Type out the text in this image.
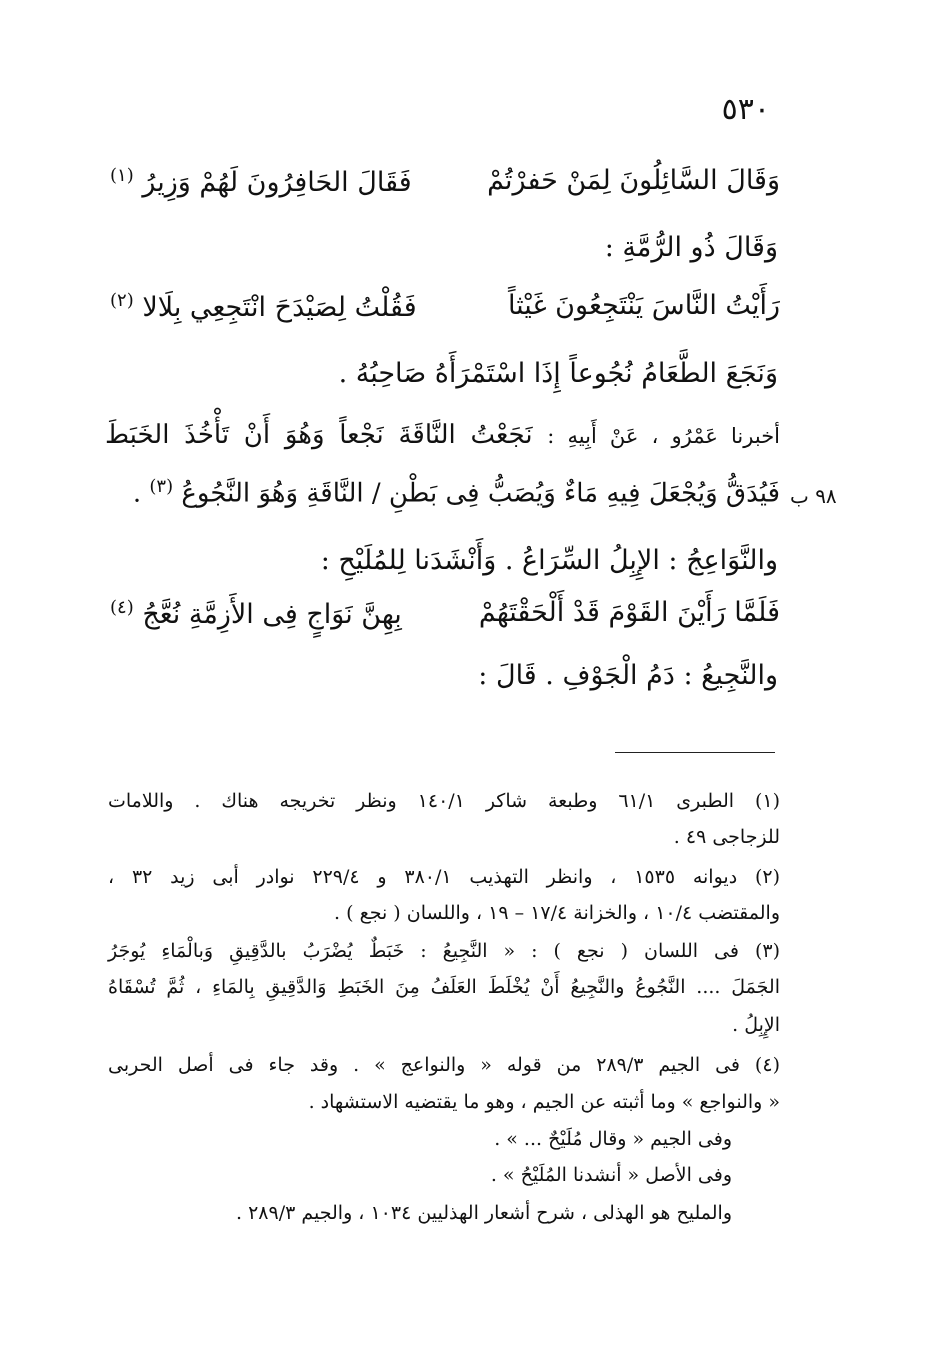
٥٣٠
وَقَالَ السَّائِلُونَ لِمَنْ حَفرْتُمْ
فَقَالَ الحَافِرُونَ لَهُمْ وَزِيرُ $^{(١)}$
وَقَالَ ذُو الرُّمَّةِ :
رَأَيْتُ النَّاسَ يَنْتَجِعُونَ غَيْثاً
فَقُلْتُ لِصَيْدَحَ انْتَجِعِي بِلَالا $^{(٢)}$
وَنَجَعَ الطَّعَامُ نُجُوعاً إِذَا اسْتَمْرَأَهُ صَاحِبُهُ .
أخبرنا عَمْرُو ، عَنْ أَبِيهِ : نَجَعْتُ النَّاقَةَ نَجْعاً وَهُوَ أَنْ تَأْخُذَ الخَبَطَ
فَيُدَقُّ وَيُجْعَلَ فِيهِ مَاءٌ وَيُصَبُّ فِى بَطْنِ / النَّاقَةِ وَهُوَ النَّجُوعُ $^{(٣)}$ .	٩٨ ب
والنَّوَاعِجُ : الإِبِلُ السِّرَاعُ . وَأَنْشَدَنا لِلمُلَيْحِ :
فَلَمَّا رَأَيْنَ القَوْمَ قَدْ أَلْحَقْتَهُمْ
بِهِنَّ نَوَاجٍ فِى الأَزِمَّةِ نُعَّجُ $^{(٤)}$
والنَّجِيعُ : دَمُ الْجَوْفِ . قَالَ :
(١) الطبرى ٦١/١ وطبعة شاكر ١٤٠/١ ونظر تخريجه هناك . واللامات
للزجاجى ٤٩ .
(٢) ديوانه ١٥٣٥ ، وانظر التهذيب ٣٨٠/١ و ٢٢٩/٤ نوادر أبى زيد ٣٢ ،
والمقتضب ١٠/٤ ، والخزانة ١٧/٤ – ١٩ ، واللسان ( نجع ) .
(٣) فى اللسان ( نجع ) : « النَّجِيعُ : خَبَطٌ يُضْرَبُ بالدَّقِيقِ وَبالْمَاءِ يُوجَرُ
الجَمَلَ .... النَّجُوعُ والنَّجِيعُ أَنْ يُخْلَطَ العَلَفُ مِنَ الخَبَطِ وَالدَّقِيقِ بِالمَاءِ ، ثُمَّ تُسْقَاهُ
الإِبِلُ .
(٤) فى الجيم ٢٨٩/٣ من قوله « والنواعج » . وقد جاء فى أصل الحربى
« والنواجع » وما أثبته عن الجيم ، وهو ما يقتضيه الاستشهاد .
وفى الجيم « وقال مُلَيْحٌ ... » .
وفى الأصل « أنشدنا المُلَيْحُ » .
والمليح هو الهذلى ، شرح أشعار الهذليين ١٠٣٤ ، والجيم ٢٨٩/٣ .
